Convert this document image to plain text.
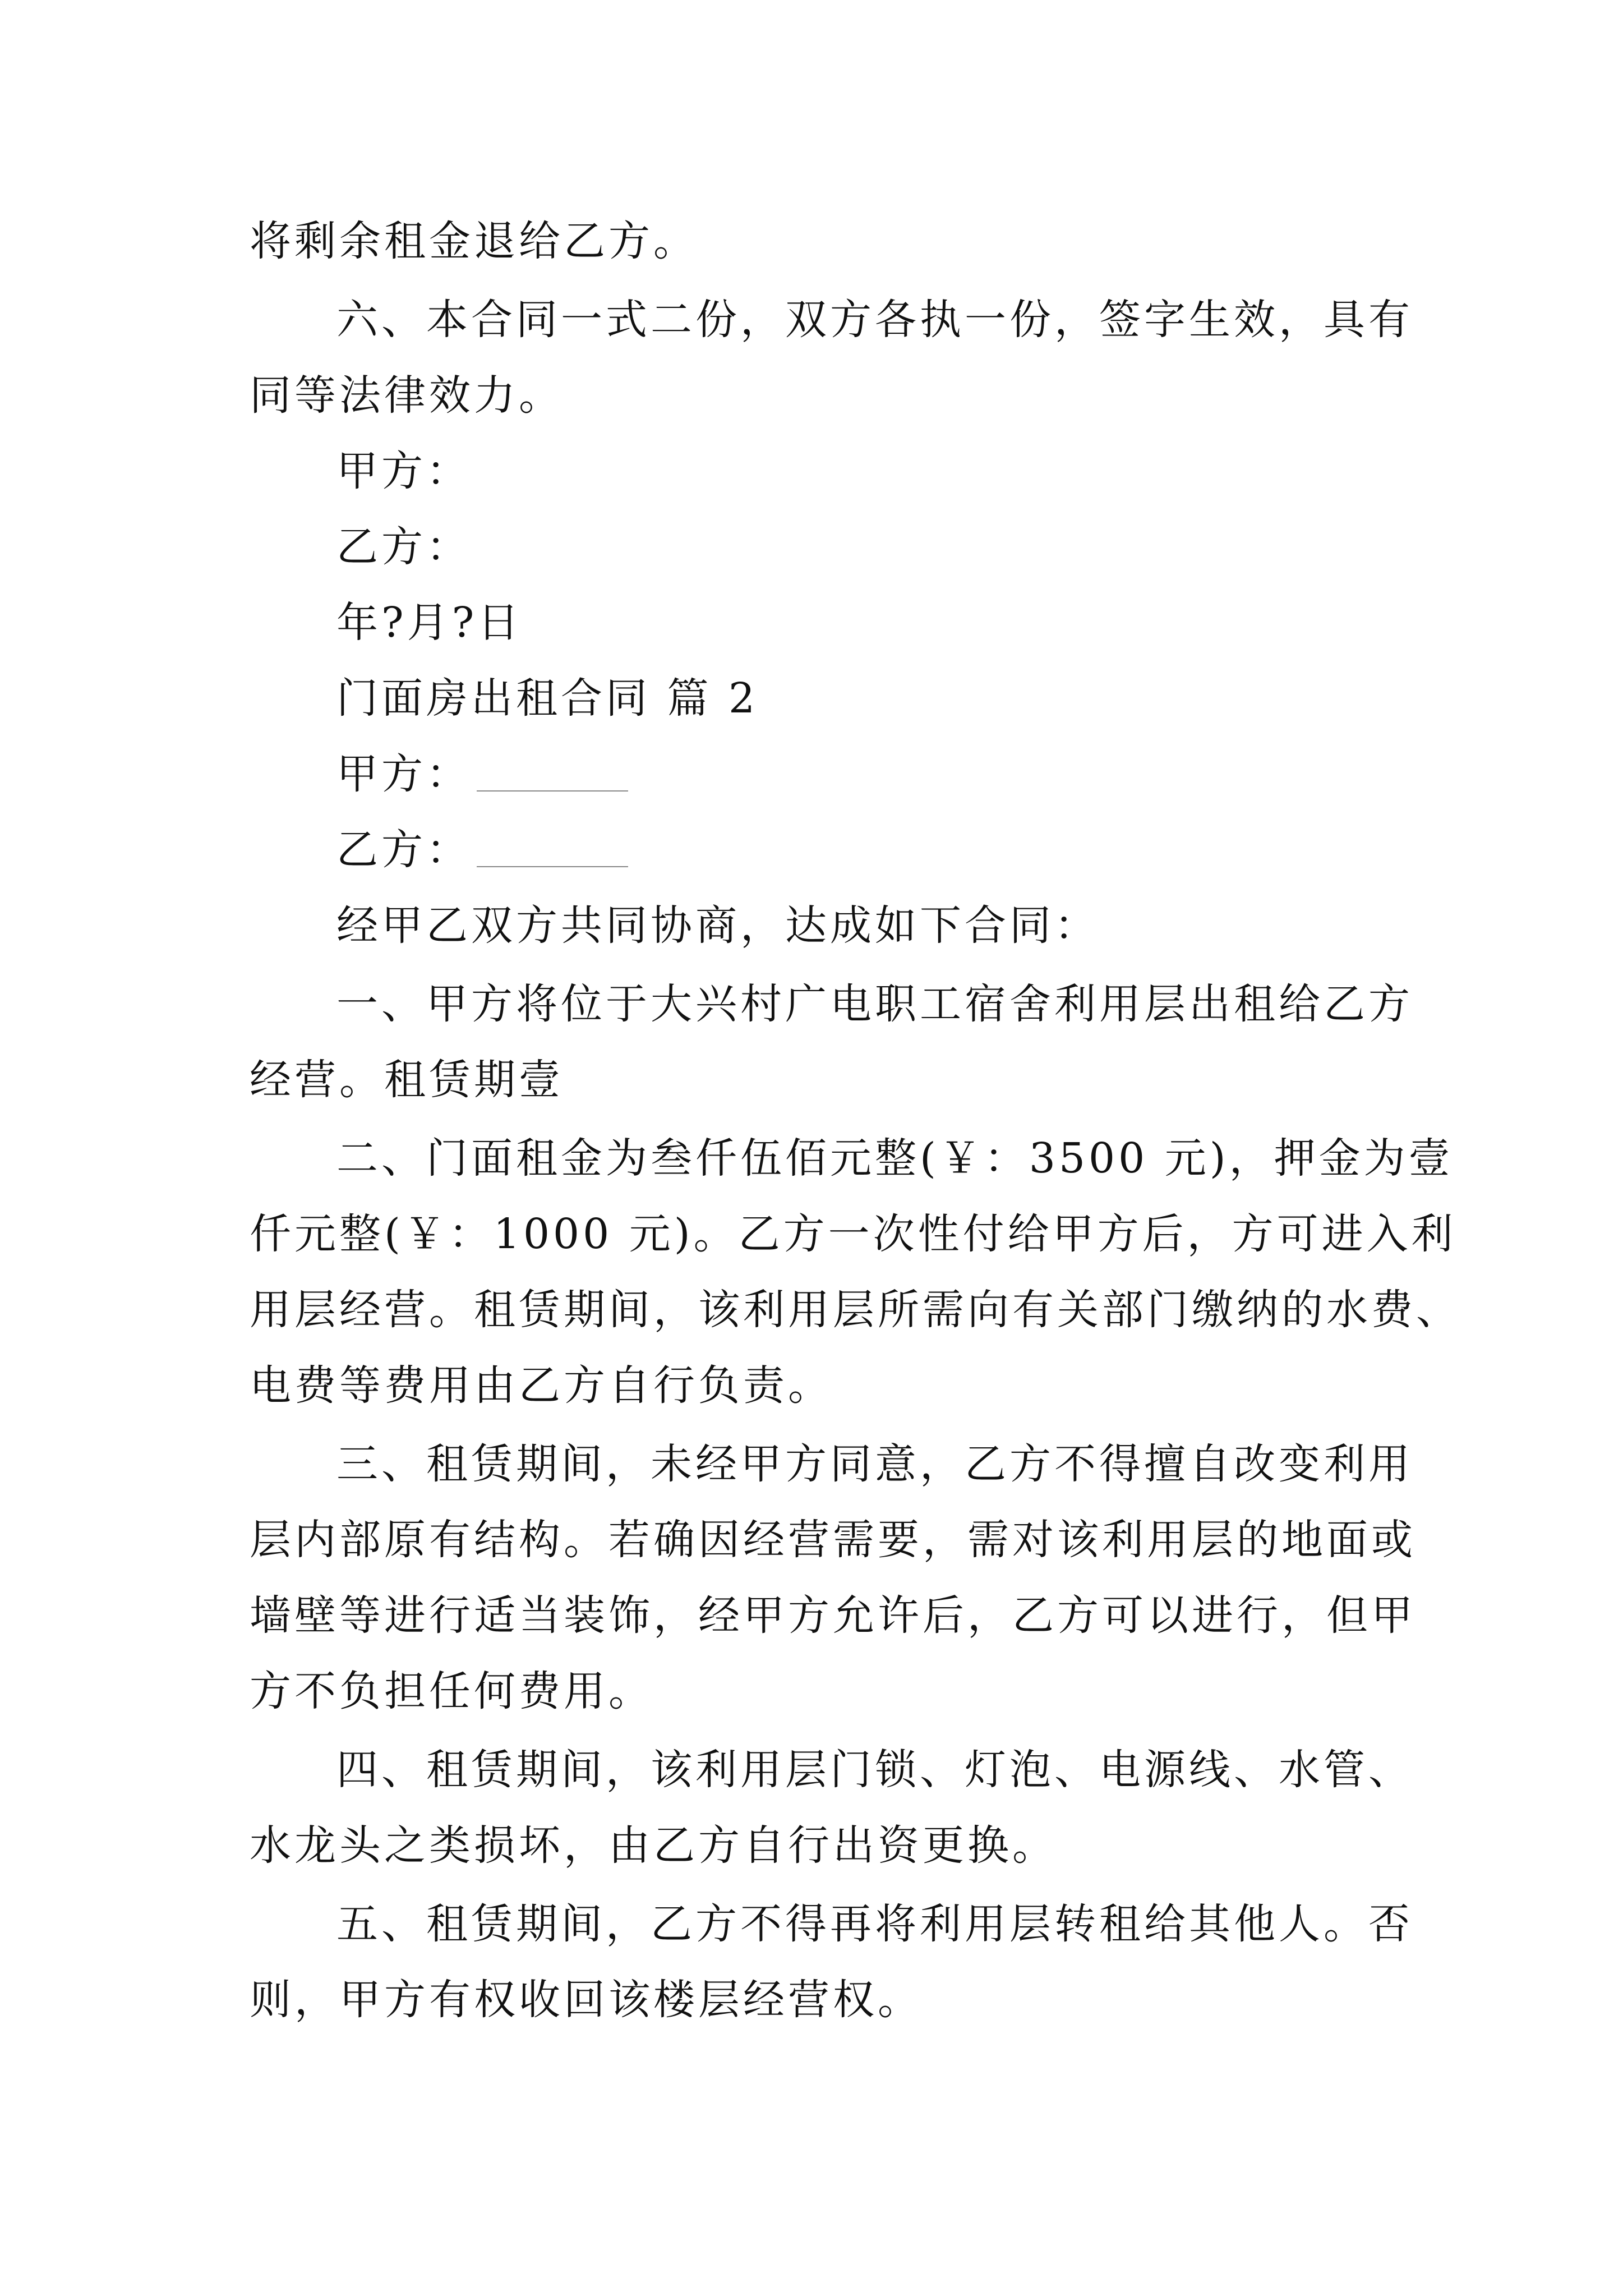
将剩余租金退给乙方。
六、本合同一式二份，双方各执一份，签字生效，具有
同等法律效力。
甲方：
乙方：
年?月?日
门面房出租合同 篇 2
甲方：
乙方：
经甲乙双方共同协商，达成如下合同：
一、甲方将位于大兴村广电职工宿舍利用层出租给乙方
经营。租赁期壹
二、门面租金为叁仟伍佰元整(￥：3500 元)，押金为壹
仟元整(￥：1000 元)。乙方一次性付给甲方后，方可进入利
用层经营。租赁期间，该利用层所需向有关部门缴纳的水费、
电费等费用由乙方自行负责。
三、租赁期间，未经甲方同意，乙方不得擅自改变利用
层内部原有结构。若确因经营需要，需对该利用层的地面或
墙壁等进行适当装饰，经甲方允许后，乙方可以进行，但甲
方不负担任何费用。
四、租赁期间，该利用层门锁、灯泡、电源线、水管、
水龙头之类损坏，由乙方自行出资更换。
五、租赁期间，乙方不得再将利用层转租给其他人。否
则，甲方有权收回该楼层经营权。
